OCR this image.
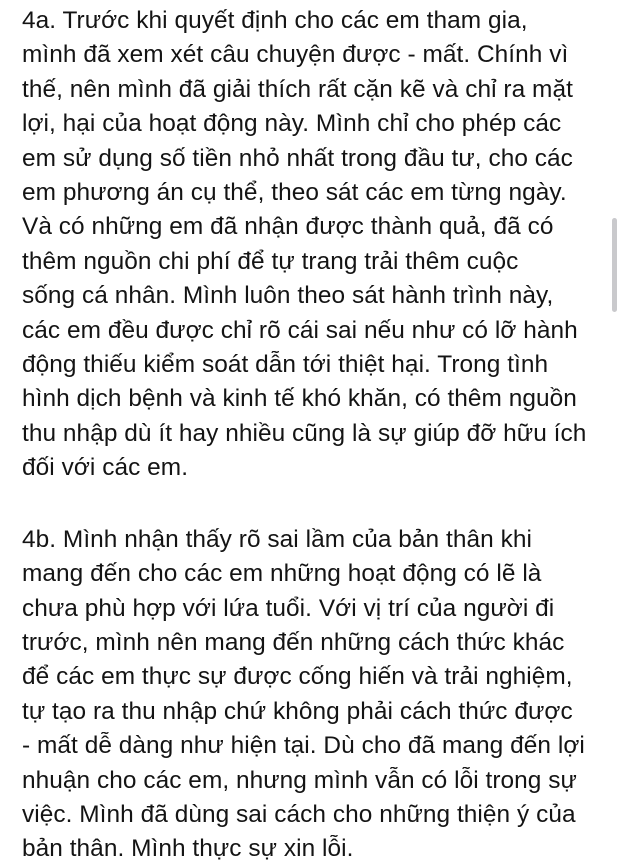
4a. Trước khi quyết định cho các em tham gia,
mình đã xem xét câu chuyện được - mất. Chính vì
thế, nên mình đã giải thích rất cặn kẽ và chỉ ra mặt
lợi, hại của hoạt động này. Mình chỉ cho phép các
em sử dụng số tiền nhỏ nhất trong đầu tư, cho các
em phương án cụ thể, theo sát các em từng ngày.
Và có những em đã nhận được thành quả, đã có
thêm nguồn chi phí để tự trang trải thêm cuộc
sống cá nhân. Mình luôn theo sát hành trình này,
các em đều được chỉ rõ cái sai nếu như có lỡ hành
động thiếu kiểm soát dẫn tới thiệt hại. Trong tình
hình dịch bệnh và kinh tế khó khăn, có thêm nguồn
thu nhập dù ít hay nhiều cũng là sự giúp đỡ hữu ích
đối với các em.
4b. Mình nhận thấy rõ sai lầm của bản thân khi
mang đến cho các em những hoạt động có lẽ là
chưa phù hợp với lứa tuổi. Với vị trí của người đi
trước, mình nên mang đến những cách thức khác
để các em thực sự được cống hiến và trải nghiệm,
tự tạo ra thu nhập chứ không phải cách thức được
- mất dễ dàng như hiện tại. Dù cho đã mang đến lợi
nhuận cho các em, nhưng mình vẫn có lỗi trong sự
việc. Mình đã dùng sai cách cho những thiện ý của
bản thân. Mình thực sự xin lỗi.
